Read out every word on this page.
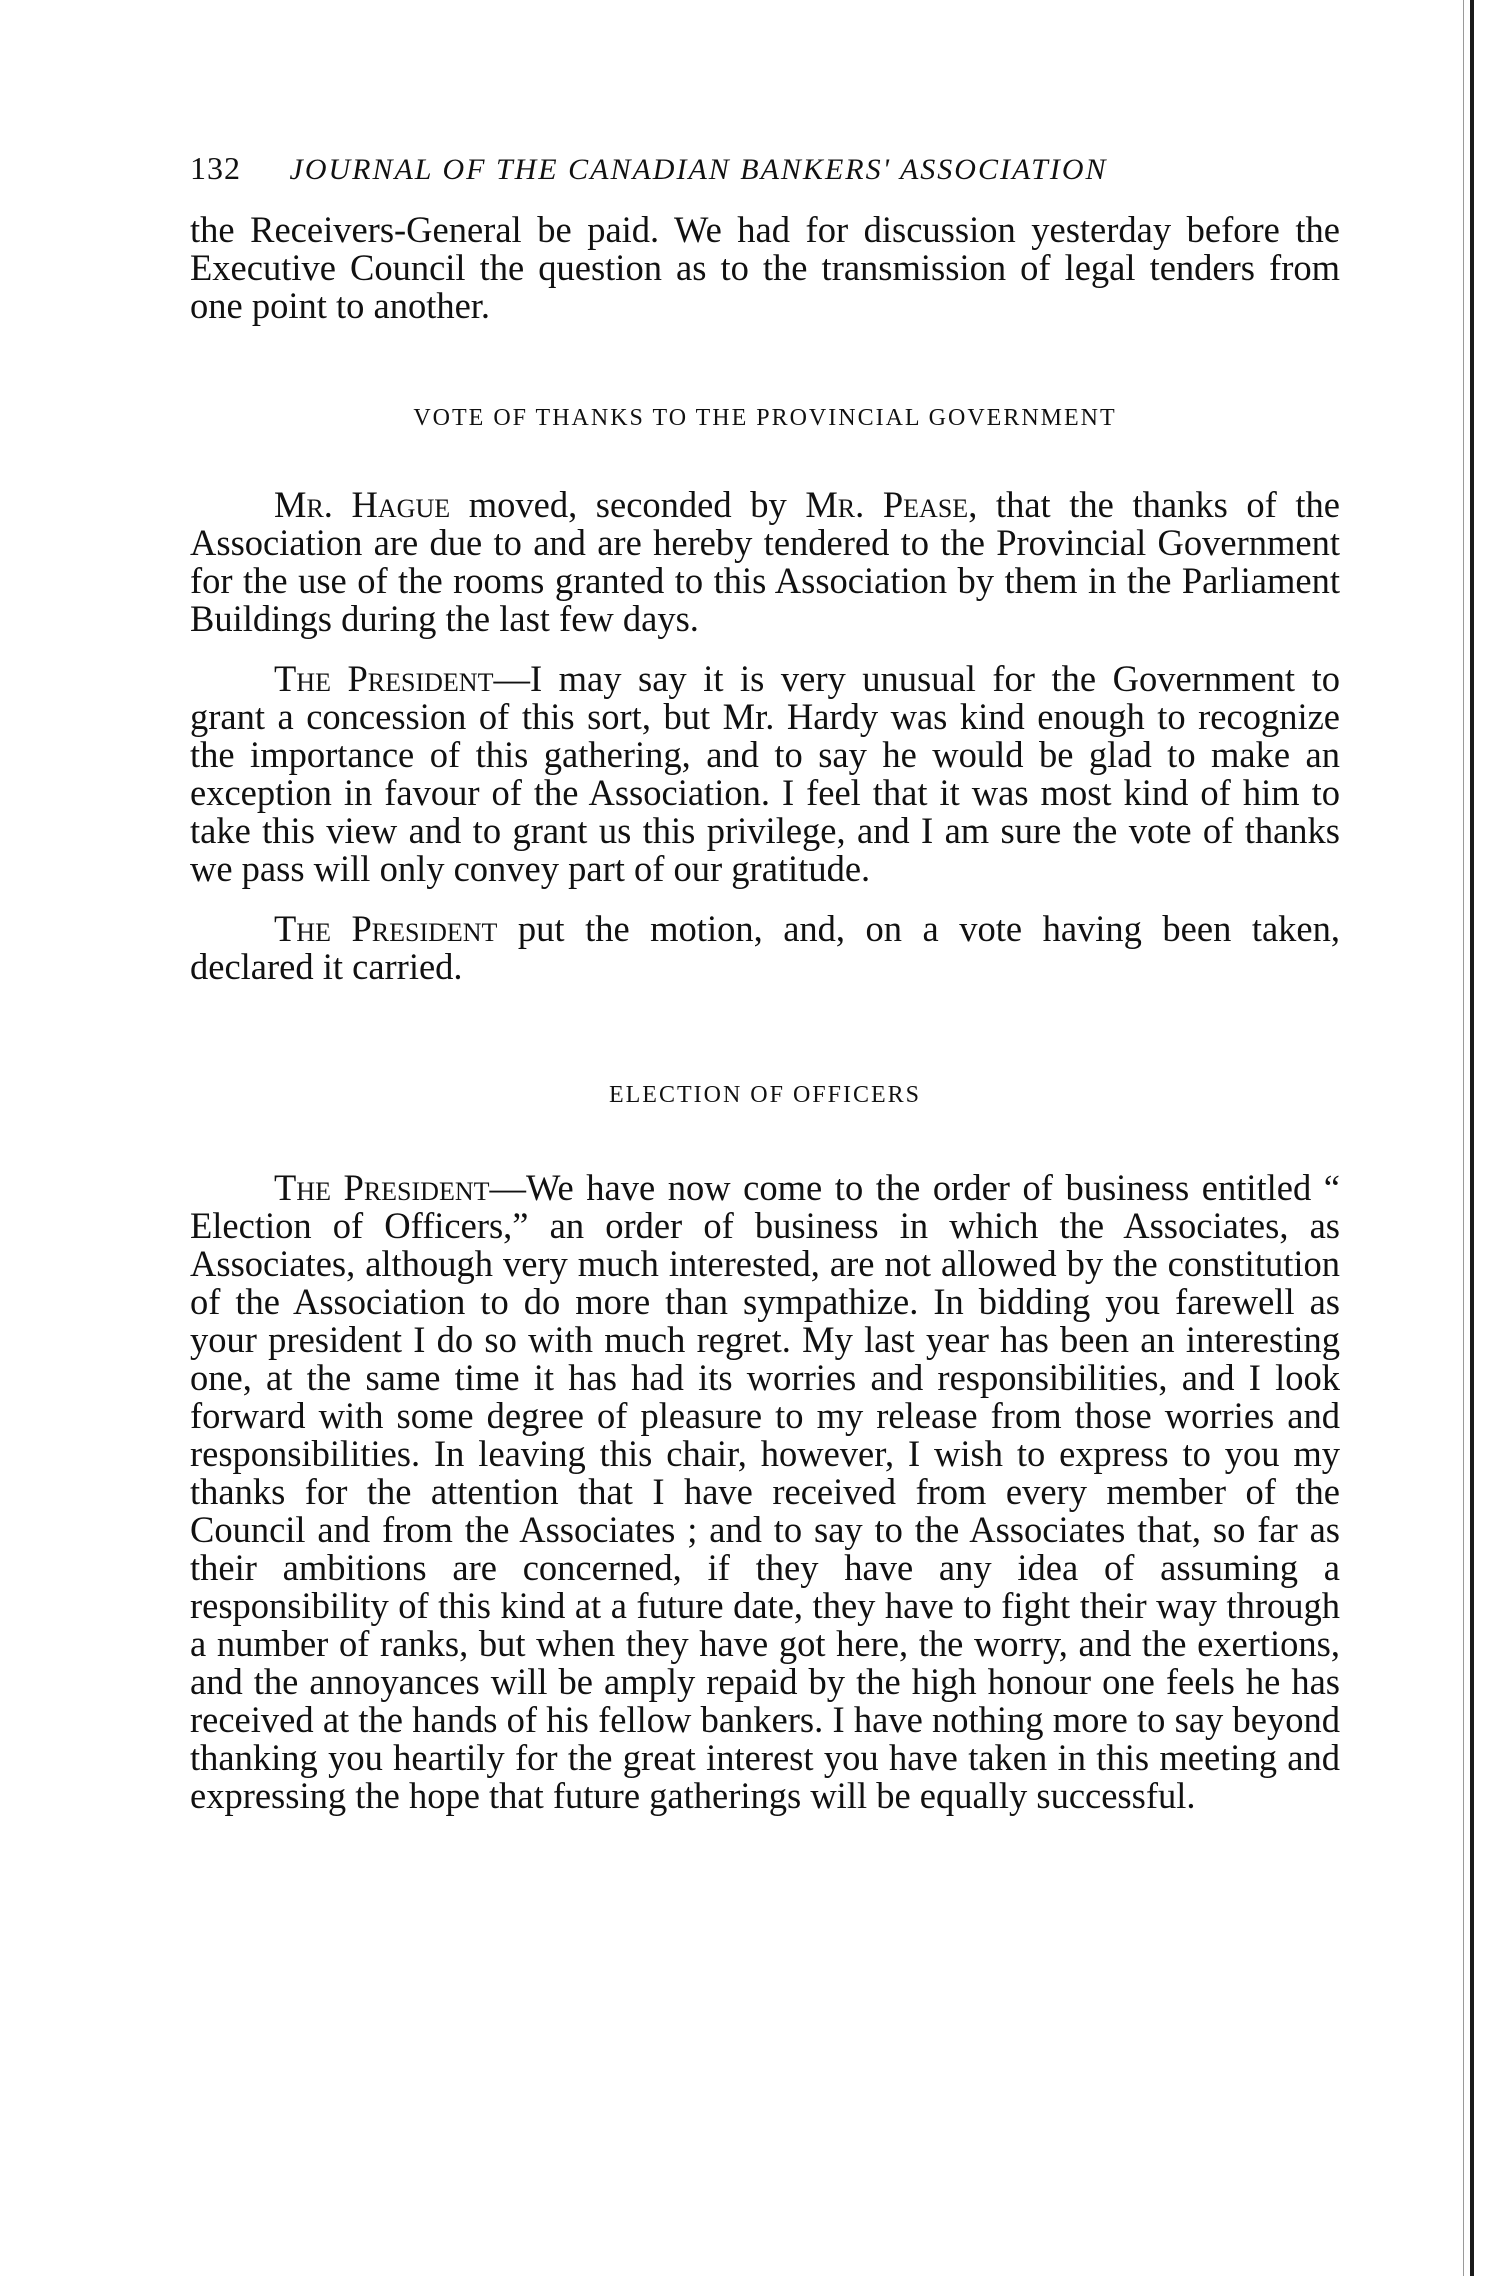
132 JOURNAL OF THE CANADIAN BANKERS' ASSOCIATION

the Receivers-General be paid. We had for discussion yesterday before the Executive Council the question as to the transmission of legal tenders from one point to another.

VOTE OF THANKS TO THE PROVINCIAL GOVERNMENT

Mr. Hague moved, seconded by Mr. Pease, that the thanks of the Association are due to and are hereby tendered to the Provincial Government for the use of the rooms granted to this Association by them in the Parliament Buildings during the last few days.

The President—I may say it is very unusual for the Government to grant a concession of this sort, but Mr. Hardy was kind enough to recognize the importance of this gathering, and to say he would be glad to make an exception in favour of the Association. I feel that it was most kind of him to take this view and to grant us this privilege, and I am sure the vote of thanks we pass will only convey part of our gratitude.

The President put the motion, and, on a vote having been taken, declared it carried.

ELECTION OF OFFICERS

The President—We have now come to the order of business entitled “ Election of Officers,” an order of business in which the Associates, as Associates, although very much interested, are not allowed by the constitution of the Association to do more than sympathize. In bidding you farewell as your president I do so with much regret. My last year has been an interesting one, at the same time it has had its worries and responsibilities, and I look forward with some degree of pleasure to my release from those worries and responsibilities. In leaving this chair, however, I wish to express to you my thanks for the attention that I have received from every member of the Council and from the Associates ; and to say to the Associates that, so far as their ambitions are concerned, if they have any idea of assuming a responsibility of this kind at a future date, they have to fight their way through a number of ranks, but when they have got here, the worry, and the exertions, and the annoyances will be amply repaid by the high honour one feels he has received at the hands of his fellow bankers. I have nothing more to say beyond thanking you heartily for the great interest you have taken in this meeting and expressing the hope that future gatherings will be equally successful.
